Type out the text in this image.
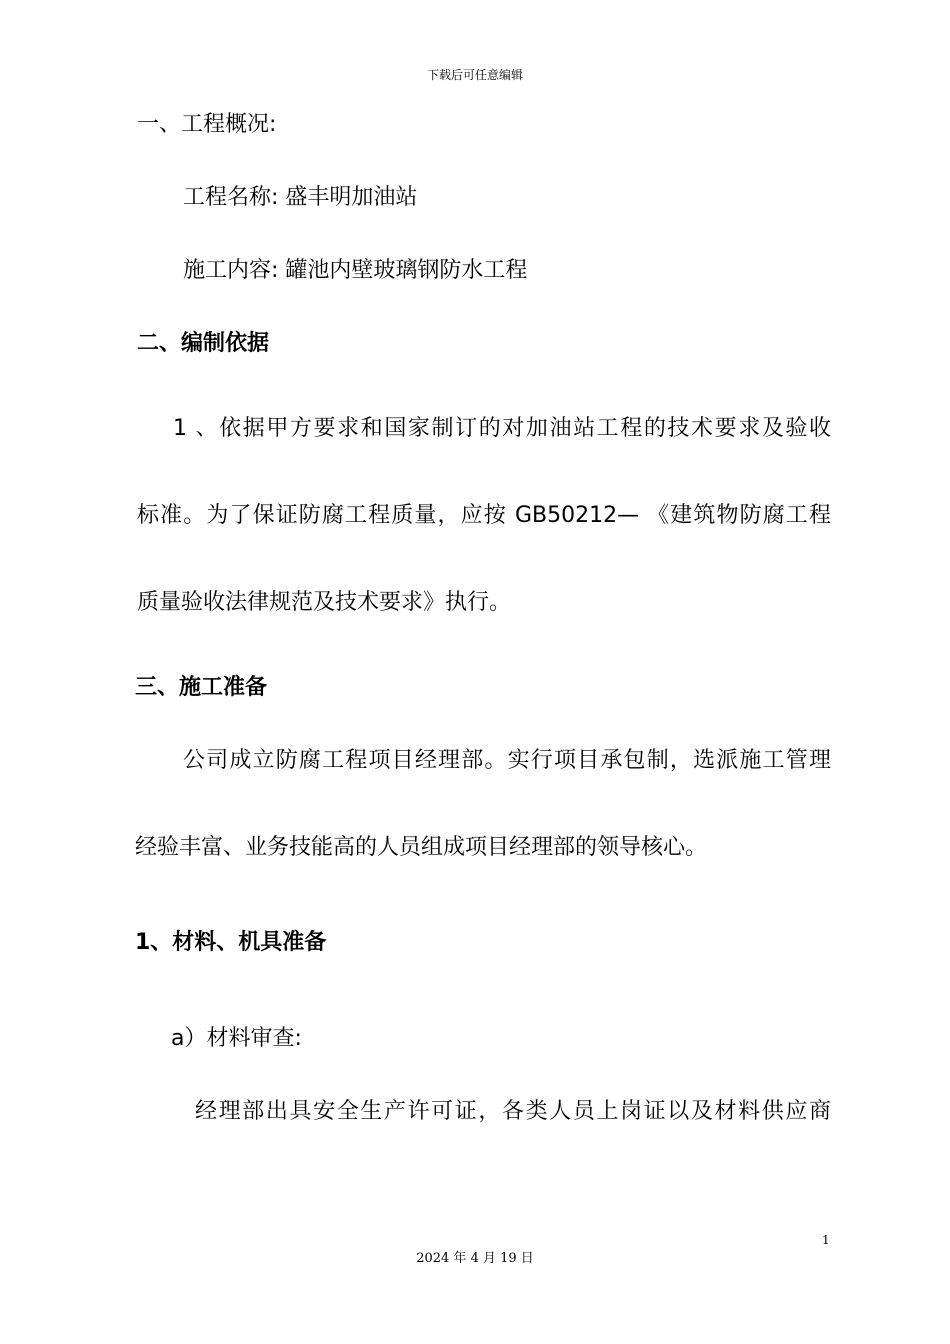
下载后可任意编辑
一、工程概况:
工程名称: 盛丰明加油站
施工内容: 罐池内壁玻璃钢防水工程
二、编制依据
1 、依据甲方要求和国家制订的对加油站工程的技术要求及验收
标准。为了保证防腐工程质量，应按 GB50212— 《建筑物防腐工程
质量验收法律规范及技术要求》执行。
三、施工准备
公司成立防腐工程项目经理部。实行项目承包制，选派施工管理
经验丰富、业务技能高的人员组成项目经理部的领导核心。
1、材料、机具准备
a）材料审查:
经理部出具安全生产许可证，各类人员上岗证以及材料供应商
1
2024 年 4 月 19 日
